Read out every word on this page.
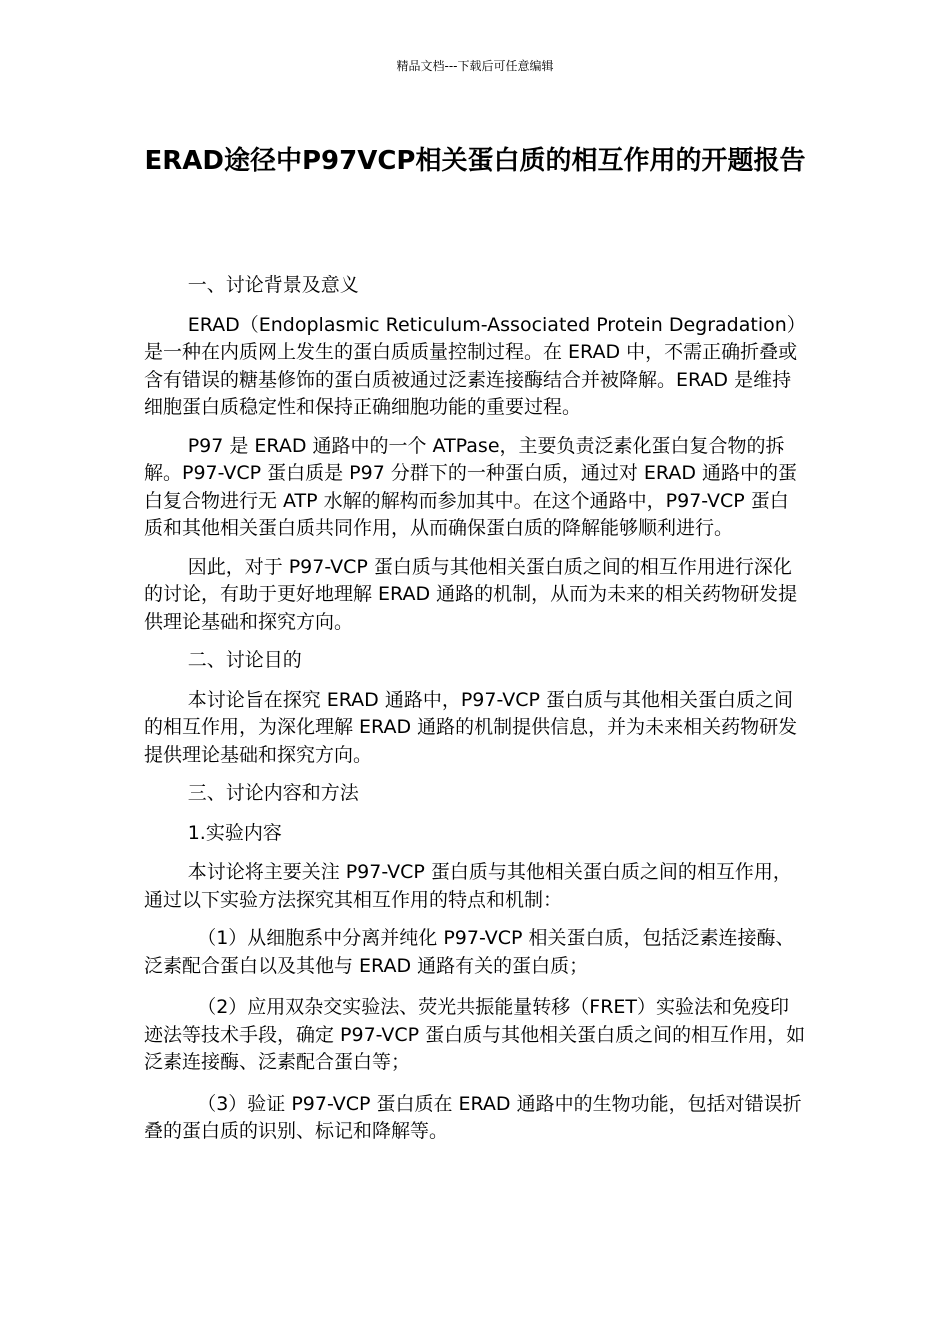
精品文档---下载后可任意编辑
ERAD途径中P97VCP相关蛋白质的相互作用的开题报告

一、讨论背景及意义

ERAD（Endoplasmic Reticulum-Associated Protein Degradation）是一种在内质网上发生的蛋白质质量控制过程。在 ERAD 中，不需正确折叠或含有错误的糖基修饰的蛋白质被通过泛素连接酶结合并被降解。ERAD 是维持细胞蛋白质稳定性和保持正确细胞功能的重要过程。

P97 是 ERAD 通路中的一个 ATPase，主要负责泛素化蛋白复合物的拆解。P97-VCP 蛋白质是 P97 分群下的一种蛋白质，通过对 ERAD 通路中的蛋白复合物进行无 ATP 水解的解构而参加其中。在这个通路中，P97-VCP 蛋白质和其他相关蛋白质共同作用，从而确保蛋白质的降解能够顺利进行。

因此，对于 P97-VCP 蛋白质与其他相关蛋白质之间的相互作用进行深化的讨论，有助于更好地理解 ERAD 通路的机制，从而为未来的相关药物研发提供理论基础和探究方向。

二、讨论目的

本讨论旨在探究 ERAD 通路中，P97-VCP 蛋白质与其他相关蛋白质之间的相互作用，为深化理解 ERAD 通路的机制提供信息，并为未来相关药物研发提供理论基础和探究方向。

三、讨论内容和方法

1.实验内容

本讨论将主要关注 P97-VCP 蛋白质与其他相关蛋白质之间的相互作用，通过以下实验方法探究其相互作用的特点和机制：

（1）从细胞系中分离并纯化 P97-VCP 相关蛋白质，包括泛素连接酶、泛素配合蛋白以及其他与 ERAD 通路有关的蛋白质；

（2）应用双杂交实验法、荧光共振能量转移（FRET）实验法和免疫印迹法等技术手段，确定 P97-VCP 蛋白质与其他相关蛋白质之间的相互作用，如泛素连接酶、泛素配合蛋白等；

（3）验证 P97-VCP 蛋白质在 ERAD 通路中的生物功能，包括对错误折叠的蛋白质的识别、标记和降解等。
